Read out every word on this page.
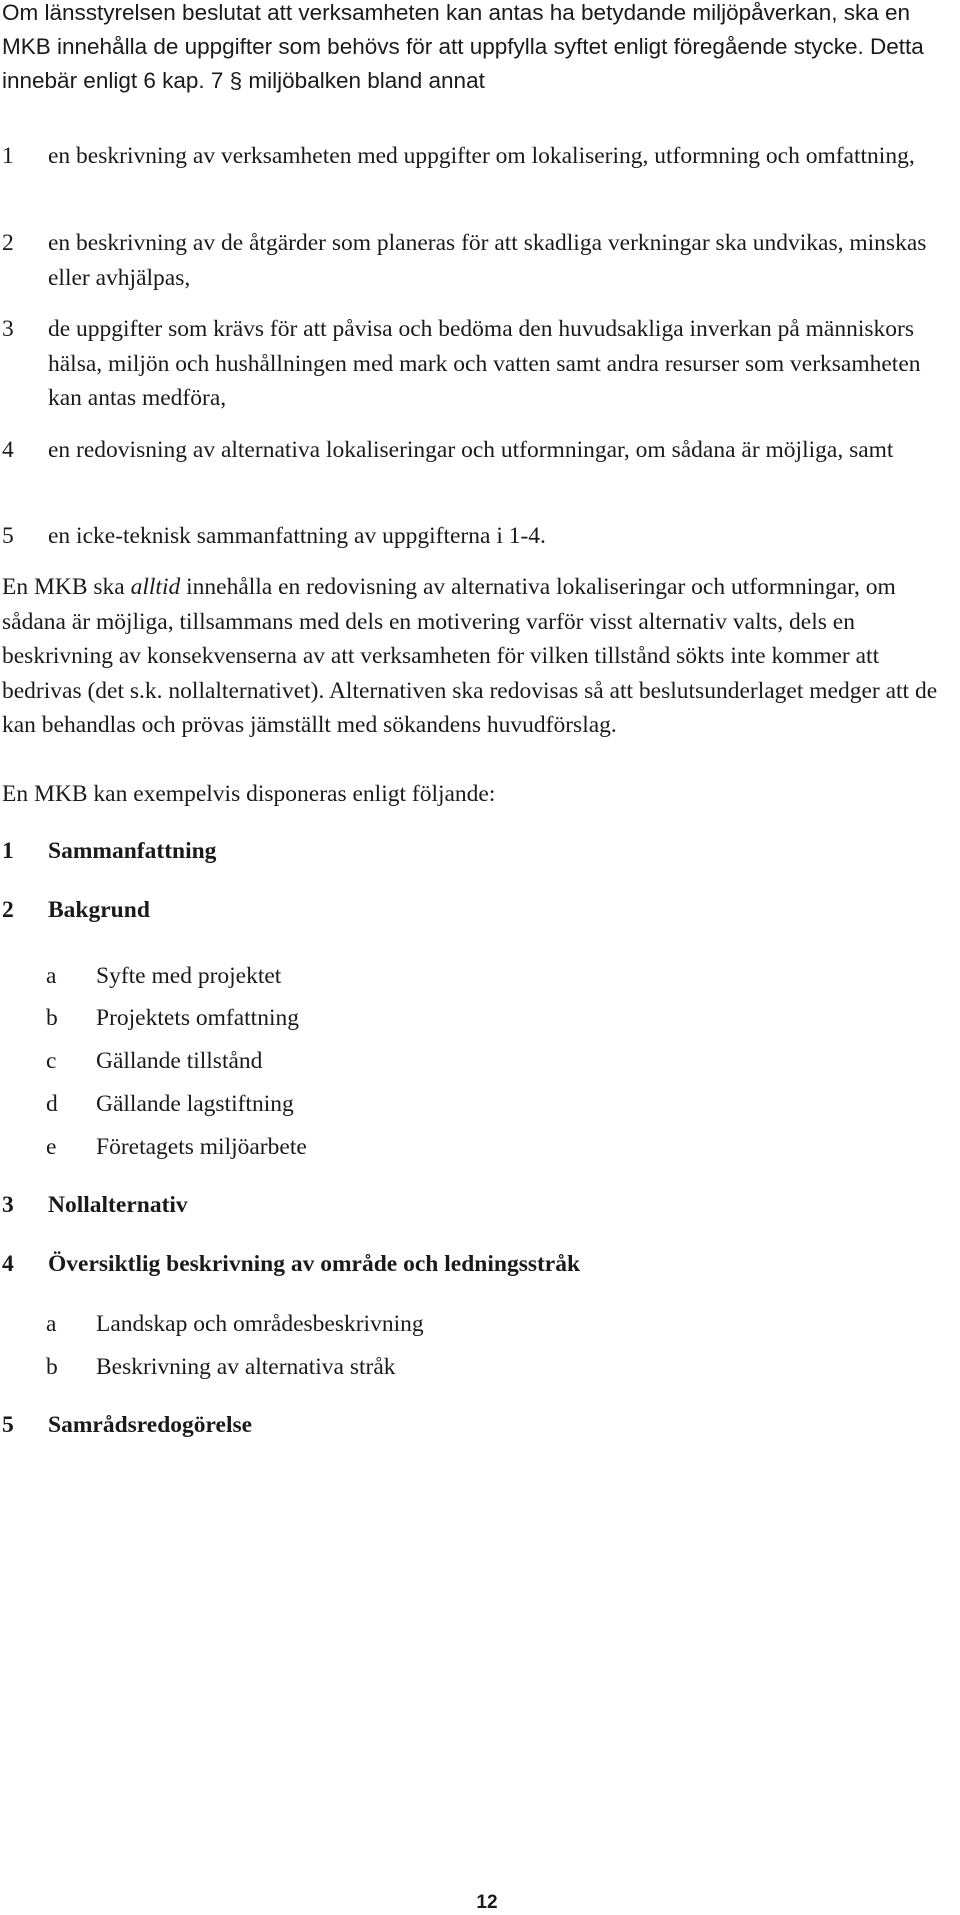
Om länsstyrelsen beslutat att verksamheten kan antas ha betydande miljöpåverkan, ska en MKB innehålla de uppgifter som behövs för att uppfylla syftet enligt föregående stycke. Detta innebär enligt 6 kap. 7 § miljöbalken bland annat

1 en beskrivning av verksamheten med uppgifter om lokalisering, utformning och omfattning,
2 en beskrivning av de åtgärder som planeras för att skadliga verkningar ska undvikas, minskas eller avhjälpas,
3 de uppgifter som krävs för att påvisa och bedöma den huvudsakliga inverkan på människors hälsa, miljön och hushållningen med mark och vatten samt andra resurser som verksamheten kan antas medföra,
4 en redovisning av alternativa lokaliseringar och utformningar, om sådana är möjliga, samt
5 en icke-teknisk sammanfattning av uppgifterna i 1-4.

En MKB ska alltid innehålla en redovisning av alternativa lokaliseringar och utformningar, om sådana är möjliga, tillsammans med dels en motivering varför visst alternativ valts, dels en beskrivning av konsekvenserna av att verksamheten för vilken tillstånd sökts inte kommer att bedrivas (det s.k. nollalternativet). Alternativen ska redovisas så att beslutsunderlaget medger att de kan behandlas och prövas jämställt med sökandens huvudförslag.

En MKB kan exempelvis disponeras enligt följande:

1 Sammanfattning
2 Bakgrund
a Syfte med projektet
b Projektets omfattning
c Gällande tillstånd
d Gällande lagstiftning
e Företagets miljöarbete
3 Nollalternativ
4 Översiktlig beskrivning av område och ledningsstråk
a Landskap och områdesbeskrivning
b Beskrivning av alternativa stråk
5 Samrådsredogörelse
12
